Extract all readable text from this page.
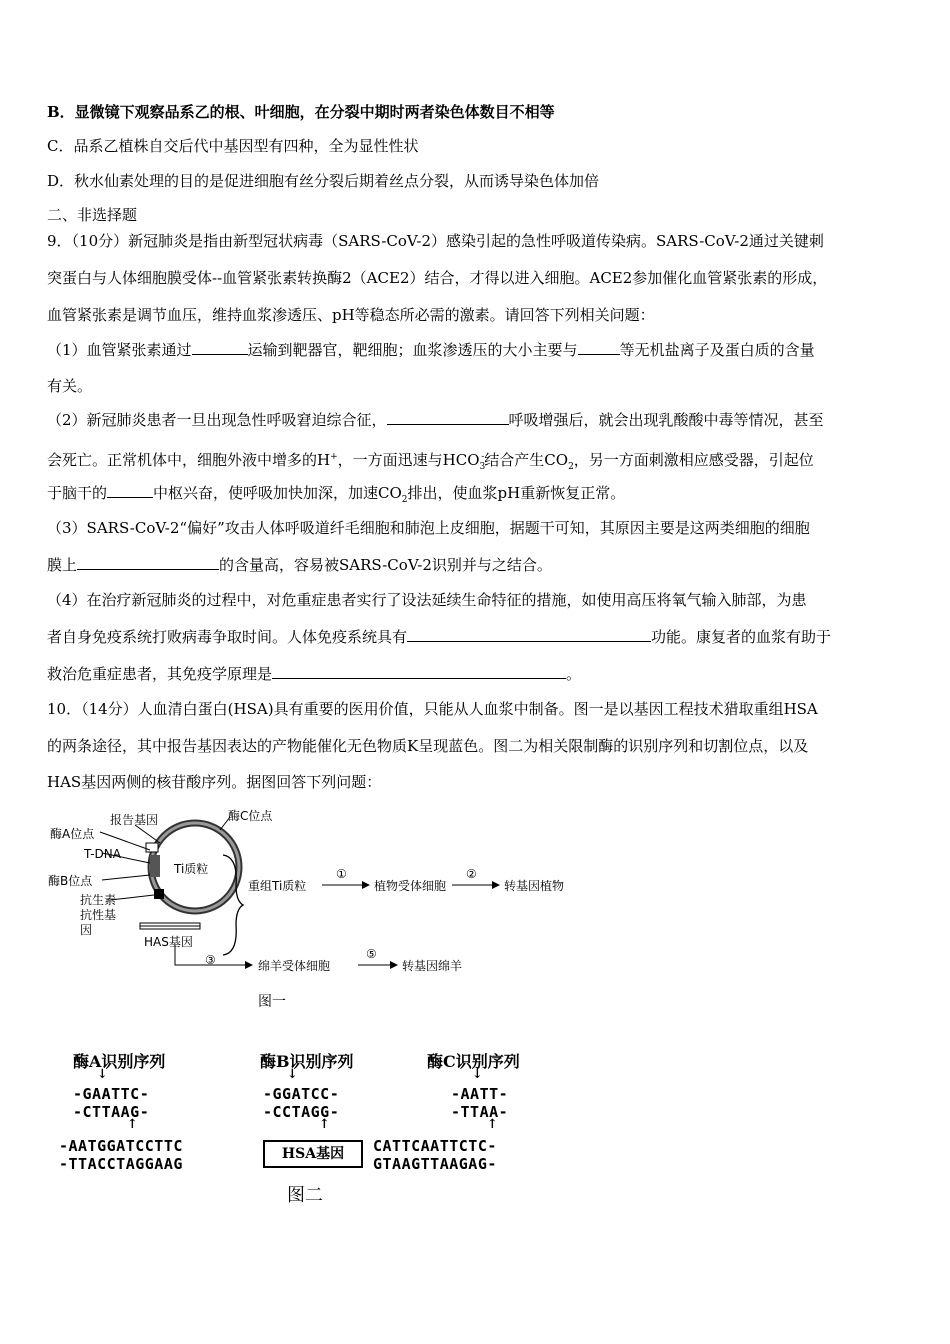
B．显微镜下观察品系乙的根、叶细胞，在分裂中期时两者染色体数目不相等
C．品系乙植株自交后代中基因型有四种，全为显性性状
D．秋水仙素处理的目的是促进细胞有丝分裂后期着丝点分裂，从而诱导染色体加倍
二、非选择题
9．（10分）新冠肺炎是指由新型冠状病毒（SARS-CoV-2）感染引起的急性呼吸道传染病。SARS-CoV-2通过关键刺
突蛋白与人体细胞膜受体--血管紧张素转换酶2（ACE2）结合，才得以进入细胞。ACE2参加催化血管紧张素的形成，
血管紧张素是调节血压，维持血浆渗透压、pH等稳态所必需的激素。请回答下列相关问题：
（1）血管紧张素通过	运输到靶器官，靶细胞；血浆渗透压的大小主要与	等无机盐离子及蛋白质的含量
有关。
（2）新冠肺炎患者一旦出现急性呼吸窘迫综合征，	呼吸增强后，就会出现乳酸酸中毒等情况，甚至
会死亡。正常机体中，细胞外液中增多的H+，一方面迅速与$HCO_3^-$结合产生$CO_2$，另一方面刺激相应感受器，引起位
于脑干的	中枢兴奋，使呼吸加快加深，加速$CO_2$排出，使血浆pH重新恢复正常。
（3）SARS-CoV-2“偏好”攻击人体呼吸道纤毛细胞和肺泡上皮细胞，据题干可知，其原因主要是这两类细胞的细胞
膜上	的含量高，容易被SARS-CoV-2识别并与之结合。
（4）在治疗新冠肺炎的过程中，对危重症患者实行了设法延续生命特征的措施，如使用高压将氧气输入肺部，为患
者自身免疫系统打败病毒争取时间。人体免疫系统具有	功能。康复者的血浆有助于
救治危重症患者，其免疫学原理是	。
10．（14分）人血清白蛋白(HSA)具有重要的医用价值，只能从人血浆中制备。图一是以基因工程技术猎取重组HSA
的两条途径，其中报告基因表达的产物能催化无色物质K呈现蓝色。图二为相关限制酶的识别序列和切割位点，以及
HAS基因两侧的核苷酸序列。据图回答下列问题：
报告基因	酶C位点
酶A位点
T-DNA
酶B位点
抗生素抗性基因
Ti质粒
HAS基因
重组Ti质粒
①
植物受体细胞
②
转基因植物
③	绵羊受体细胞
⑤
转基因绵羊
图一
酶A识别序列	酶B识别序列	酶C识别序列
↓	↓	↓
-GAATTC-
-CTTAAG-
-GGATCC-
-CCTAGG-
-AATT-
-TTAA-
↑	↑	↑
-AATGGATCCTTC
-TTACCTAGGAAG
HSA基因	CATTCAATTCTC-
GTAAGTTAAGAG-
图二
